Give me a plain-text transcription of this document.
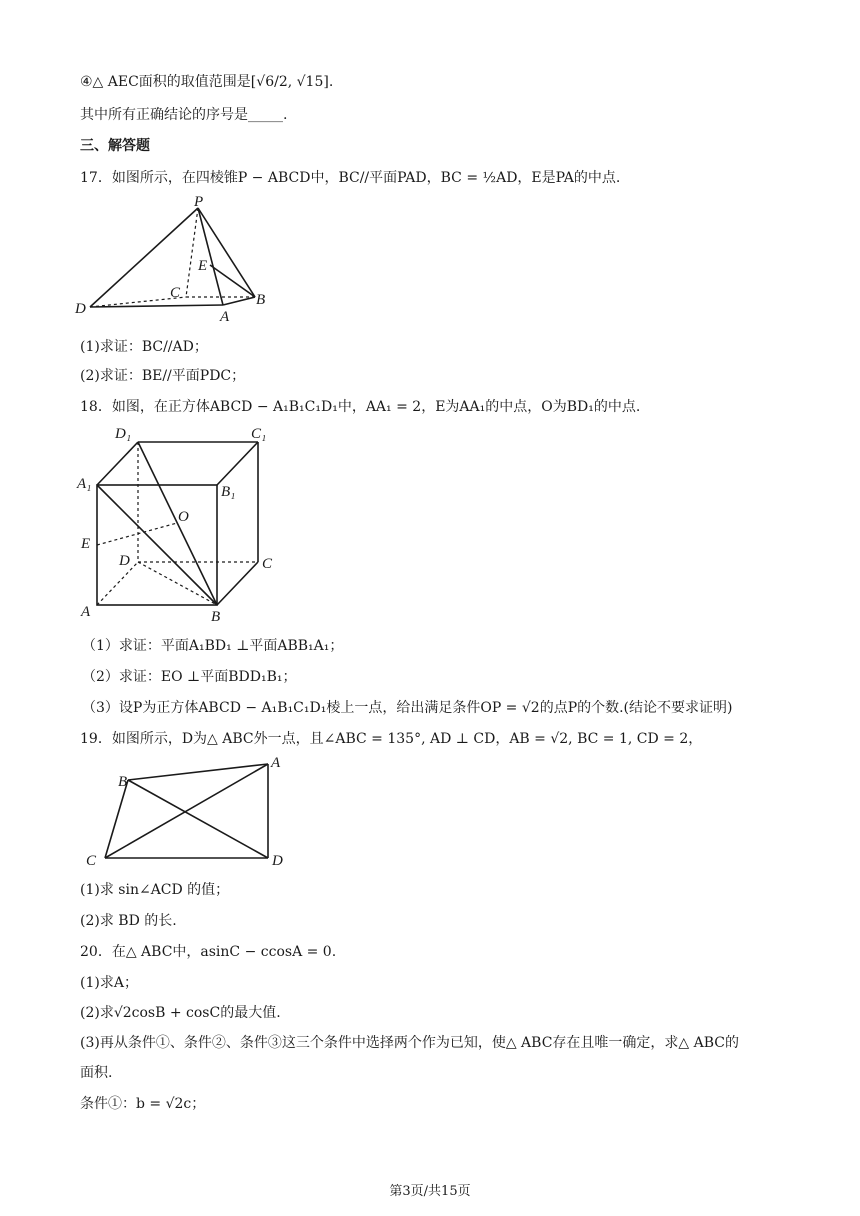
④△ AEC面积的取值范围是[√6/2, √15].
其中所有正确结论的序号是_____.
三、解答题
17．如图所示，在四棱锥P − ABCD中，BC//平面PAD，BC = ½AD，E是PA的中点.
P
E
C	B
D	A
(1)求证：BC//AD；
(2)求证：BE//平面PDC；
18．如图，在正方体ABCD − A₁B₁C₁D₁中，AA₁ = 2，E为AA₁的中点，O为BD₁的中点.
D₁	C₁
A₁	B₁
O
E
D	C
A	B
（1）求证：平面A₁BD₁ ⊥平面ABB₁A₁；
（2）求证：EO ⊥平面BDD₁B₁；
（3）设P为正方体ABCD − A₁B₁C₁D₁棱上一点，给出满足条件OP = √2的点P的个数.(结论不要求证明)
19．如图所示，D为△ ABC外一点，且∠ABC = 135°, AD ⊥ CD，AB = √2, BC = 1, CD = 2，
B
A
C	D
(1)求 sin∠ACD 的值；
(2)求 BD 的长.
20．在△ ABC中，asinC − ccosA = 0.
(1)求A；
(2)求√2cosB + cosC的最大值.
(3)再从条件①、条件②、条件③这三个条件中选择两个作为已知，使△ ABC存在且唯一确定，求△ ABC的
面积.
条件①：b = √2c；
第3页/共15页
